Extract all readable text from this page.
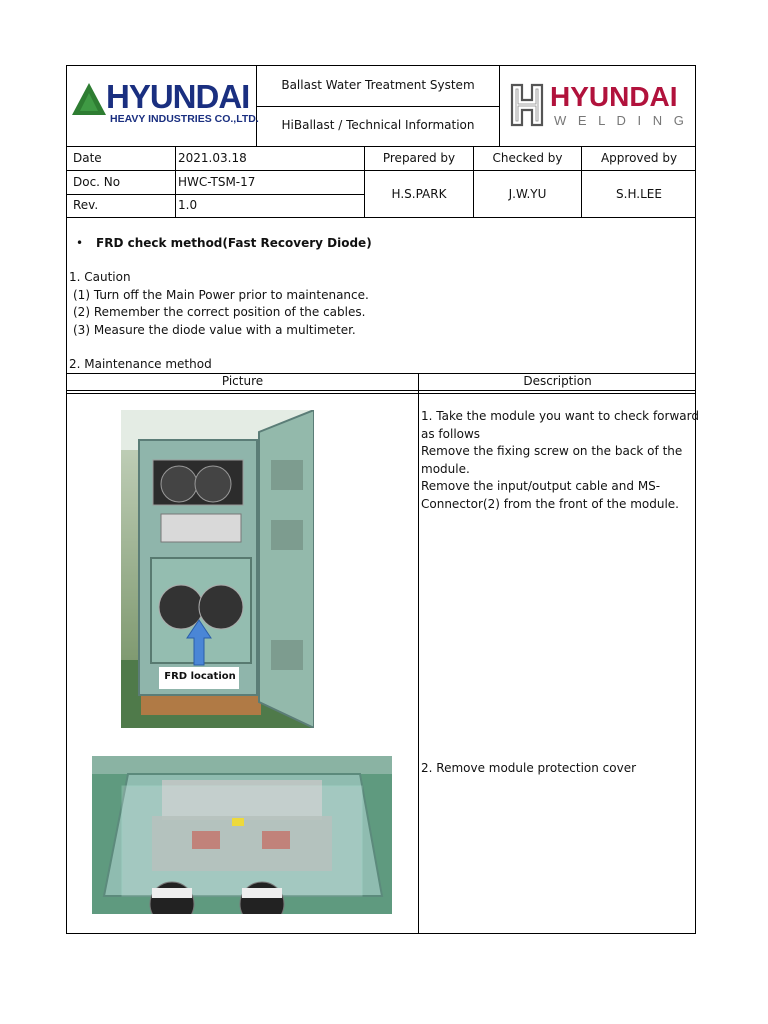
HYUNDAI
HEAVY INDUSTRIES CO.,LTD.
Ballast Water Treatment System
HiBallast / Technical Information
HYUNDAI
W E L D I N G
Date	2021.03.18
Doc. No	HWC-TSM-17
Rev.	1.0
Prepared by	Checked by	Approved by
H.S.PARK	J.W.YU	S.H.LEE
• FRD check method(Fast Recovery Diode)
1. Caution
(1) Turn off the Main Power prior to maintenance.
(2) Remember the correct position of the cables.
(3) Measure the diode value with a multimeter.
2. Maintenance method
Picture	Description
FRD location
1. Take the module you want to check forward
as follows
Remove the fixing screw on the back of the
module.
Remove the input/output cable and MS-
Connector(2) from the front of the module.
2. Remove module protection cover
